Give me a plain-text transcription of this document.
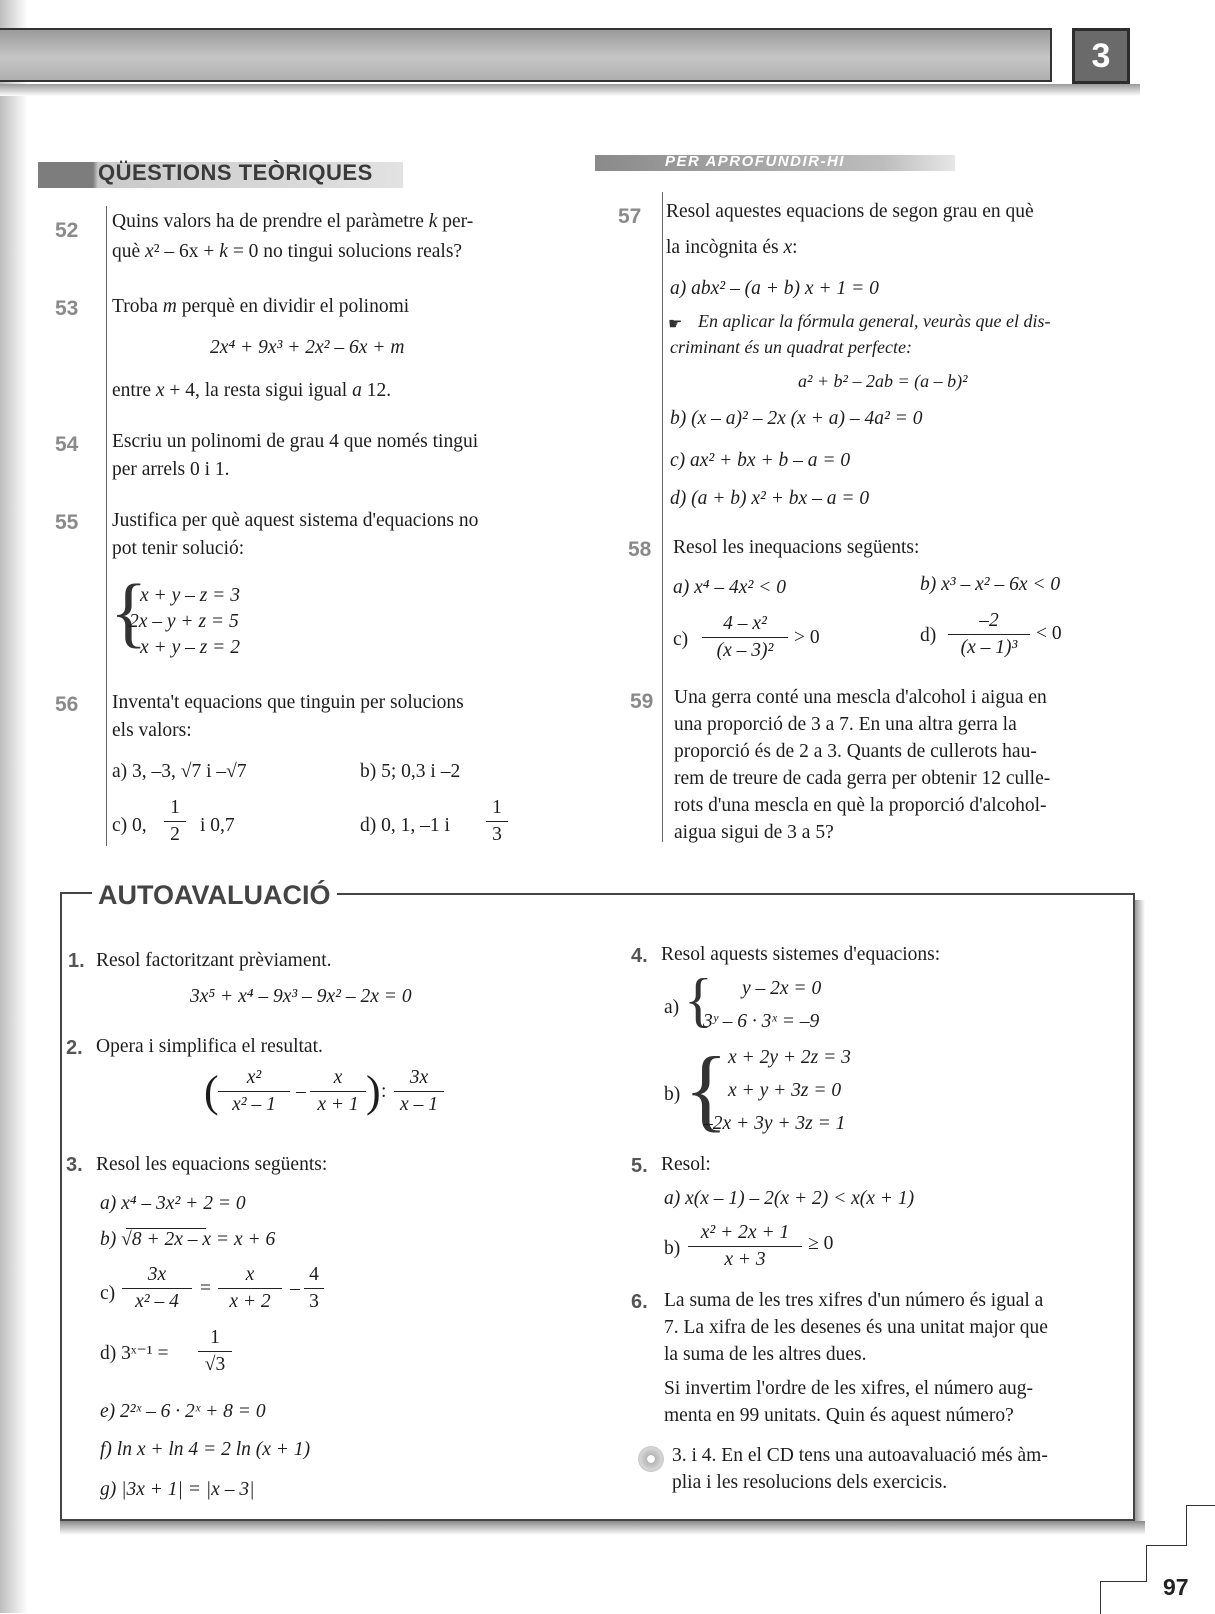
3
QÜESTIONS TEÒRIQUES
52 Quins valors ha de prendre el paràmetre k per-
què x² – 6x + k = 0 no tingui solucions reals?
53 Troba m perquè en dividir el polinomi
2x⁴ + 9x³ + 2x² – 6x + m
entre x + 4, la resta sigui igual a 12.
54 Escriu un polinomi de grau 4 que només tingui
per arrels 0 i 1.
55 Justifica per què aquest sistema d'equacions no
pot tenir solució:
{
x + y – z = 3
2x – y + z = 5
x + y – z = 2
56 Inventa't equacions que tinguin per solucions
els valors:
a) 3, –3, √7 i –√7	b) 5; 0,3 i –2
c) 0, $\frac{1}{2}$ i 0,7	d) 0, 1, –1 i $\frac{1}{3}$
PER APROFUNDIR-HI
57 Resol aquestes equacions de segon grau en què
la incògnita és x:
a) abx² – (a + b) x + 1 = 0
☛ En aplicar la fórmula general, veuràs que el dis-
criminant és un quadrat perfecte:
a² + b² – 2ab = (a – b)²
b) (x – a)² – 2x (x + a) – 4a² = 0
c) ax² + bx + b – a = 0
d) (a + b) x² + bx – a = 0
58 Resol les inequacions següents:
a) x⁴ – 4x² < 0	b) x³ – x² – 6x < 0
$c) \frac{\text{4 – x²}}{\text{(x – 3)²}} > 0$	$d) \frac{-2}{\text{(x – 1)³}} < 0$
59 Una gerra conté una mescla d'alcohol i aigua en
una proporció de 3 a 7. En una altra gerra la
proporció és de 2 a 3. Quants de cullerots hau-
rem de treure de cada gerra per obtenir 12 culle-
rots d'una mescla en què la proporció d'alcohol-
aigua sigui de 3 a 5?
AUTOAVALUACIÓ
1. Resol factoritzant prèviament.
3x⁵ + x⁴ – 9x³ – 9x² – 2x = 0
2. Opera i simplifica el resultat.
( $\frac{\text{x²}}{\text{x² – 1}} - \frac{x}{x + 1}$ ) : $\frac{3x}{x - 1}$
3. Resol les equacions següents:
a) x⁴ – 3x² + 2 = 0
b) √8 + 2x – x = x + 6
$c) \frac{3x}{\text{x² – 4}} = \frac{x}{x + 2} - \frac{4}{3}$
d) 3ˣ⁻¹ = $\frac{1}{√3}$
e) 2²ˣ – 6 · 2ˣ + 8 = 0
f) ln x + ln 4 = 2 ln (x + 1)
g) |3x + 1| = |x – 3|
4. Resol aquests sistemes d'equacions:
a) { y – 2x = 0
3ʸ – 6 · 3ˣ = –9
b) { x + 2y + 2z = 3
x + y + 3z = 0
–2x + 3y + 3z = 1
5. Resol:
a) x(x – 1) – 2(x + 2) < x(x + 1)
$b) \frac{\text{x² + 2x + 1}}{x + 3} \ge 0$
6. La suma de les tres xifres d'un número és igual a
7. La xifra de les desenes és una unitat major que
la suma de les altres dues.
Si invertim l'ordre de les xifres, el número aug-
menta en 99 unitats. Quin és aquest número?
3. i 4. En el CD tens una autoavaluació més àm-
plia i les resolucions dels exercicis.
97
